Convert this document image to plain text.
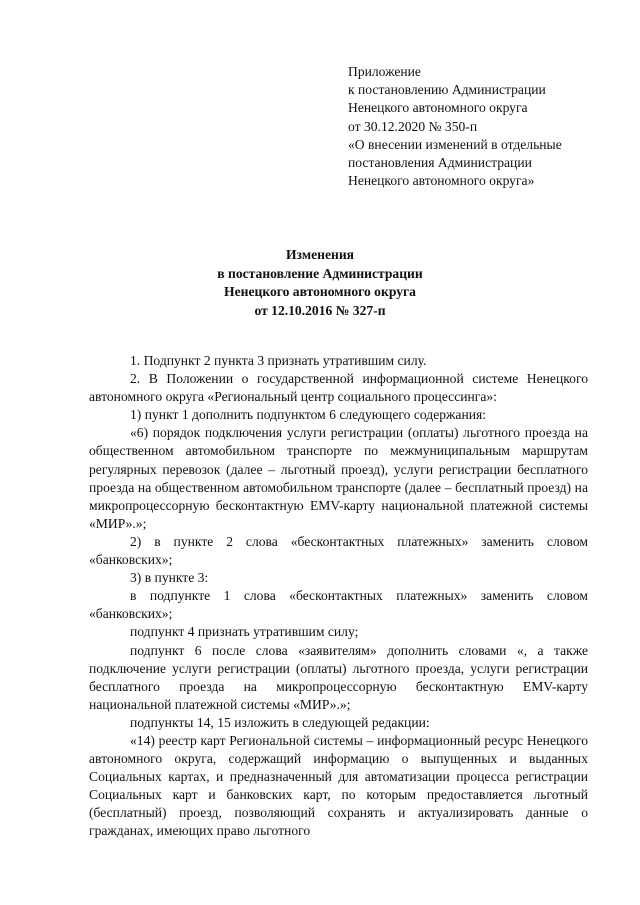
Приложение
к постановлению Администрации
Ненецкого автономного округа
от 30.12.2020 № 350-п
«О внесении изменений в отдельные
постановления Администрации
Ненецкого автономного округа»
Изменения
в постановление Администрации
Ненецкого автономного округа
от 12.10.2016 № 327-п

1. Подпункт 2 пункта 3 признать утратившим силу.

2. В Положении о государственной информационной системе Ненецкого автономного округа «Региональный центр социального процессинга»:

1) пункт 1 дополнить подпунктом 6 следующего содержания:

«6) порядок подключения услуги регистрации (оплаты) льготного проезда на общественном автомобильном транспорте по межмуниципальным маршрутам регулярных перевозок (далее – льготный проезд), услуги регистрации бесплатного проезда на общественном автомобильном транспорте (далее – бесплатный проезд) на микропроцессорную бесконтактную EMV-карту национальной платежной системы «МИР».»;

2) в пункте 2 слова «бесконтактных платежных» заменить словом «банковских»;

3) в пункте 3:

в подпункте 1 слова «бесконтактных платежных» заменить словом «банковских»;

подпункт 4 признать утратившим силу;

подпункт 6 после слова «заявителям» дополнить словами «, а также подключение услуги регистрации (оплаты) льготного проезда, услуги регистрации бесплатного проезда на микропроцессорную бесконтактную EMV-карту национальной платежной системы «МИР».»;

подпункты 14, 15 изложить в следующей редакции:

«14) реестр карт Региональной системы – информационный ресурс Ненецкого автономного округа, содержащий информацию о выпущенных и выданных Социальных картах, и предназначенный для автоматизации процесса регистрации Социальных карт и банковских карт, по которым предоставляется льготный (бесплатный) проезд, позволяющий сохранять и актуализировать данные о гражданах, имеющих право льготного
